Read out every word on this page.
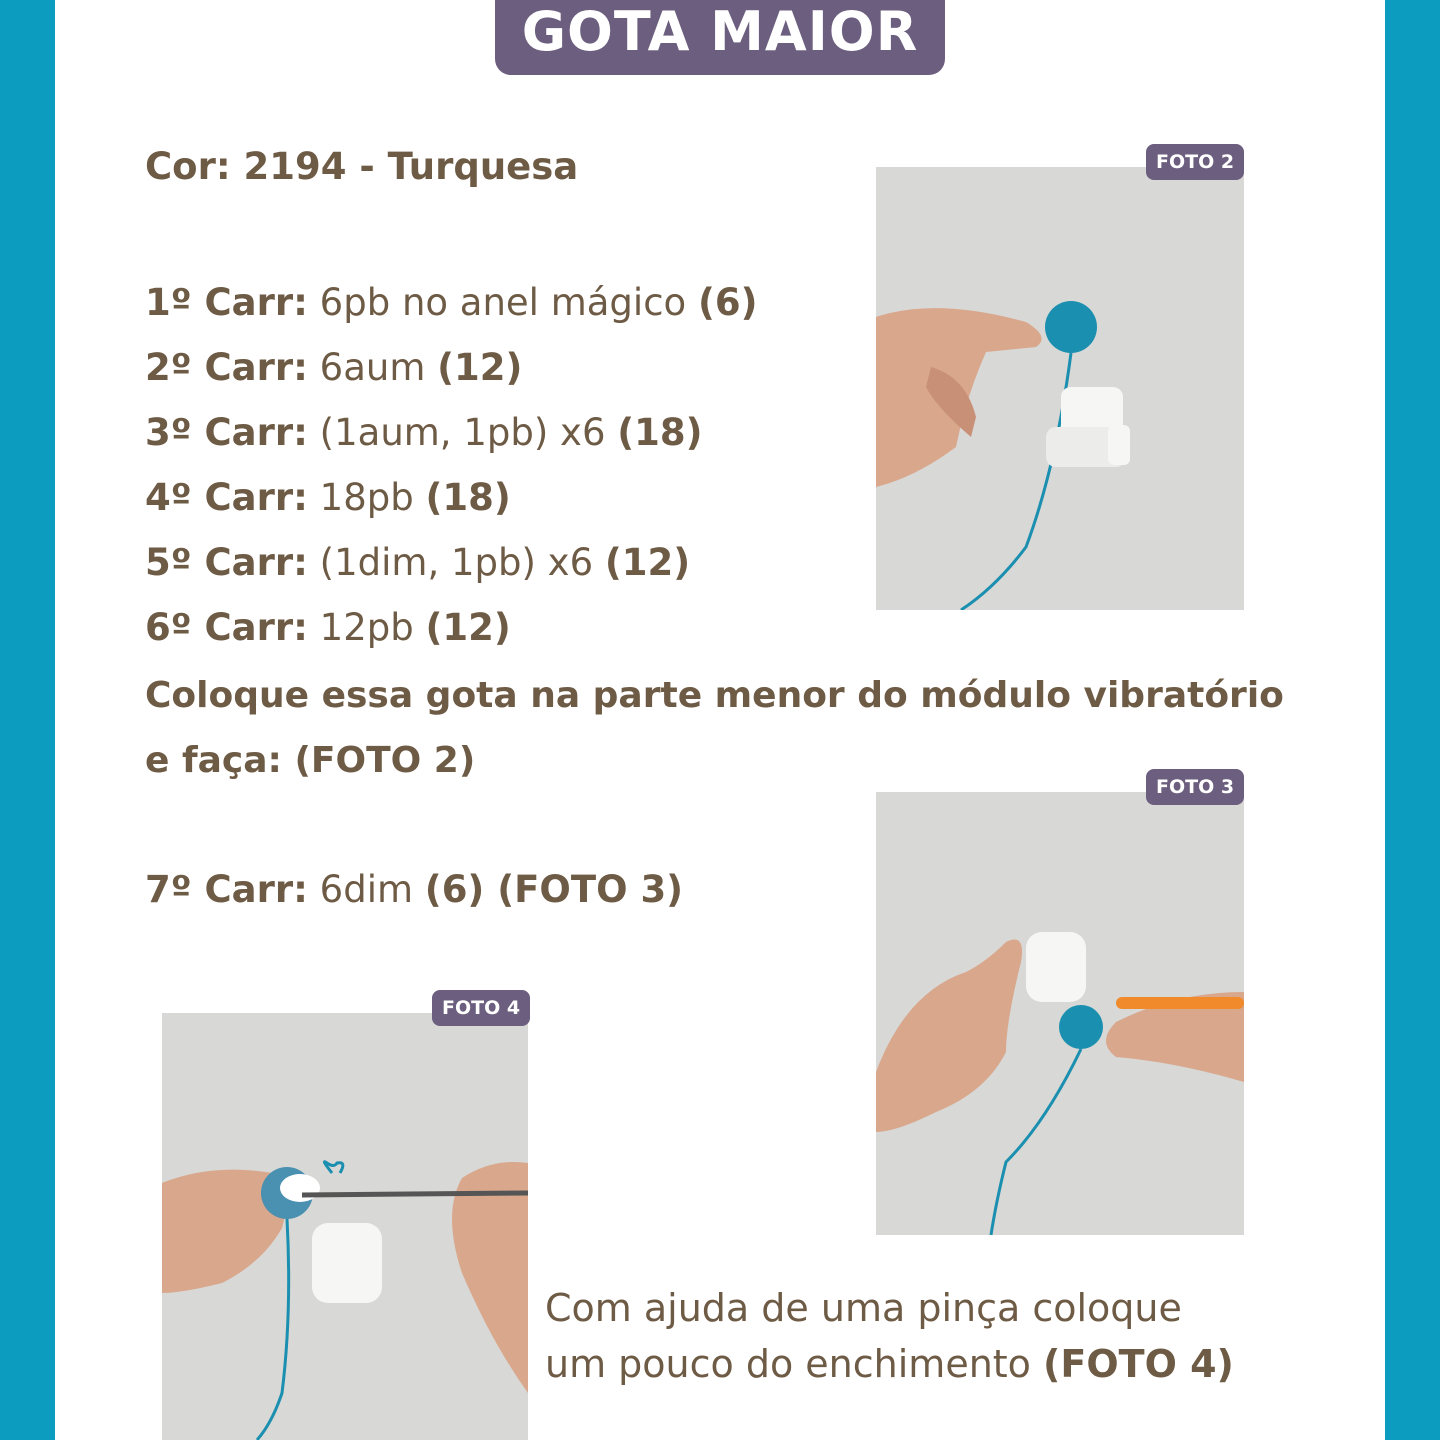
GOTA MAIOR
Cor: 2194 - Turquesa
1º Carr: 6pb no anel mágico (6)
2º Carr: 6aum (12)
3º Carr: (1aum, 1pb) x6 (18)
4º Carr: 18pb (18)
5º Carr: (1dim, 1pb) x6 (12)
6º Carr: 12pb (12)
Coloque essa gota na parte menor do módulo vibratório
e faça: (FOTO 2)
7º Carr: 6dim (6) (FOTO 3)
FOTO 2
FOTO 3
FOTO 4
Com ajuda de uma pinça coloque
um pouco do enchimento (FOTO 4)
